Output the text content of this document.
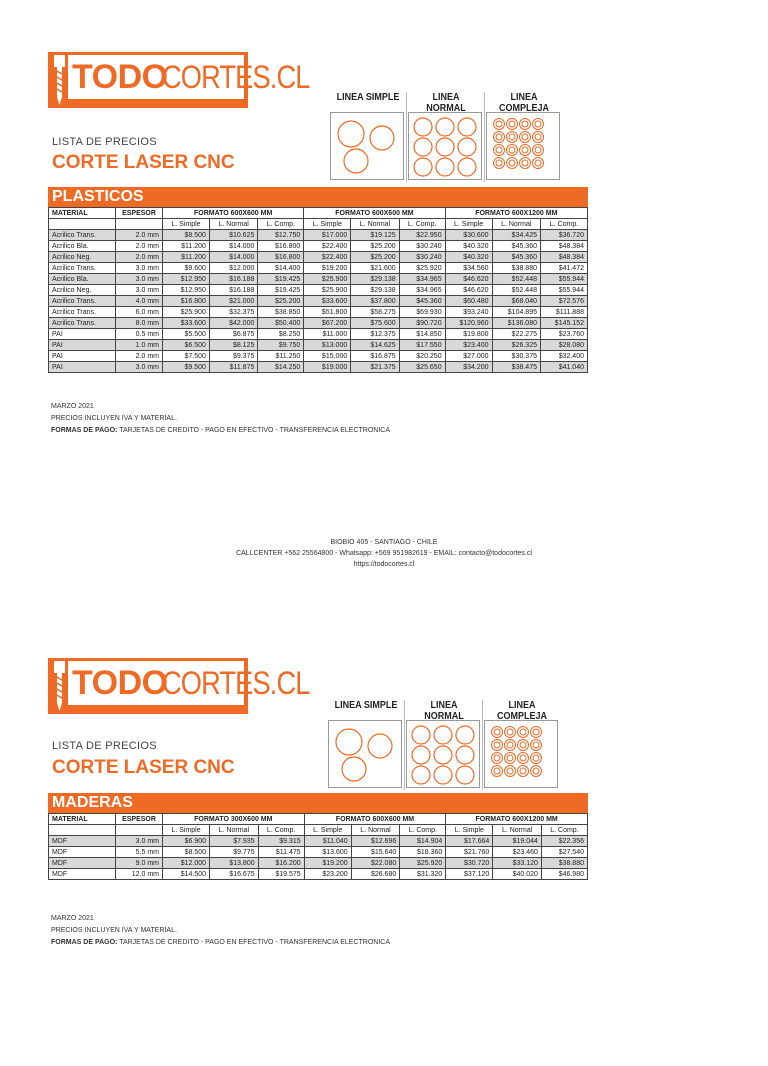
TODO
CORTES.CL
LISTA DE PRECIOS
CORTE LASER CNC
LINEA SIMPLE	LINEA NORMAL
LINEA COMPLEJA
PLASTICOS
MATERIAL	ESPESOR	FORMATO 600X600 MM			FORMATO 600X600 MM			FORMATO 600X1200 MM		
		L. Simple	L. Normal	L. Comp.	L. Simple	L. Normal	L. Comp.	L. Simple	L. Normal	L. Comp.
Acrilico Trans.	2.0 mm	$8.500	$10.625	$12.750	$17.000	$19.125	$22.950	$30.600	$34.425	$36.720
Acrilico Bla.	2.0 mm	$11.200	$14.000	$16.800	$22.400	$25.200	$30.240	$40.320	$45.360	$48.384
Acrilico Neg.	2.0 mm	$11.200	$14.000	$16.800	$22.400	$25.200	$30.240	$40.320	$45.360	$48.384
Acrilico Trans.	3.0 mm	$9.600	$12.000	$14.400	$19.200	$21.600	$25.920	$34.560	$38.880	$41.472
Acrilico Bla.	3.0 mm	$12.950	$16.188	$19.425	$25.900	$29.138	$34.965	$46.620	$52.448	$55.944
Acrilico Neg.	3.0 mm	$12.950	$16.188	$19.425	$25.900	$29.138	$34.965	$46.620	$52.448	$55.944
Acrilico Trans.	4.0 mm	$16.800	$21.000	$25.200	$33.600	$37.800	$45.360	$60.480	$68.040	$72.576
Acrilico Trans.	6.0 mm	$25.900	$32.375	$38.850	$51.800	$58.275	$69.930	$93.240	$104.895	$111.888
Acrilico Trans.	8.0 mm	$33.600	$42.000	$50.400	$67.200	$75.600	$90.720	$120.960	$136.080	$145.152
PAI	0.5 mm	$5.500	$6.875	$8.250	$11.000	$12.375	$14.850	$19.800	$22.275	$23.760
PAI	1.0 mm	$6.500	$8.125	$9.750	$13.000	$14.625	$17.550	$23.400	$26.325	$28.080
PAI	2.0 mm	$7.500	$9.375	$11.250	$15.000	$16.875	$20.250	$27.000	$30.375	$32.400
PAI	3.0 mm	$9.500	$11.875	$14.250	$19.000	$21.375	$25.650	$34.200	$38.475	$41.040
MARZO 2021
PRECIOS INCLUYEN IVA Y MATERIAL.
FORMAS DE PAGO: TARJETAS DE CREDITO - PAGO EN EFECTIVO - TRANSFERENCIA ELECTRONICA
BIOBIO 405 - SANTIAGO - CHILE
CALLCENTER +562 25564800 - Whatsapp: +569 951982619 - EMAIL: contacto@todocortes.cl
https://todocortes.cl
TODO
CORTES.CL
LISTA DE PRECIOS
CORTE LASER CNC
LINEA SIMPLE	LINEA NORMAL
LINEA COMPLEJA
MADERAS
MATERIAL	ESPESOR	FORMATO 300X600 MM			FORMATO 600X600 MM			FORMATO 600X1200 MM		
		L. Simple	L. Normal	L. Comp.	L. Simple	L. Normal	L. Comp.	L. Simple	L. Normal	L. Comp.
MDF	3.0 mm	$6.900	$7.935	$9.315	$11.040	$12.696	$14.904	$17.664	$19.044	$22.356
MDF	5.5 mm	$8.500	$9.775	$11.475	$13.600	$15.640	$18.360	$21.760	$23.460	$27.540
MDF	9.0 mm	$12.000	$13.800	$16.200	$19.200	$22.080	$25.920	$30.720	$33.120	$38.880
MDF	12.0 mm	$14.500	$16.675	$19.575	$23.200	$26.680	$31.320	$37.120	$40.020	$46.980
MARZO 2021
PRECIOS INCLUYEN IVA Y MATERIAL.
FORMAS DE PAGO: TARJETAS DE CREDITO - PAGO EN EFECTIVO - TRANSFERENCIA ELECTRONICA
